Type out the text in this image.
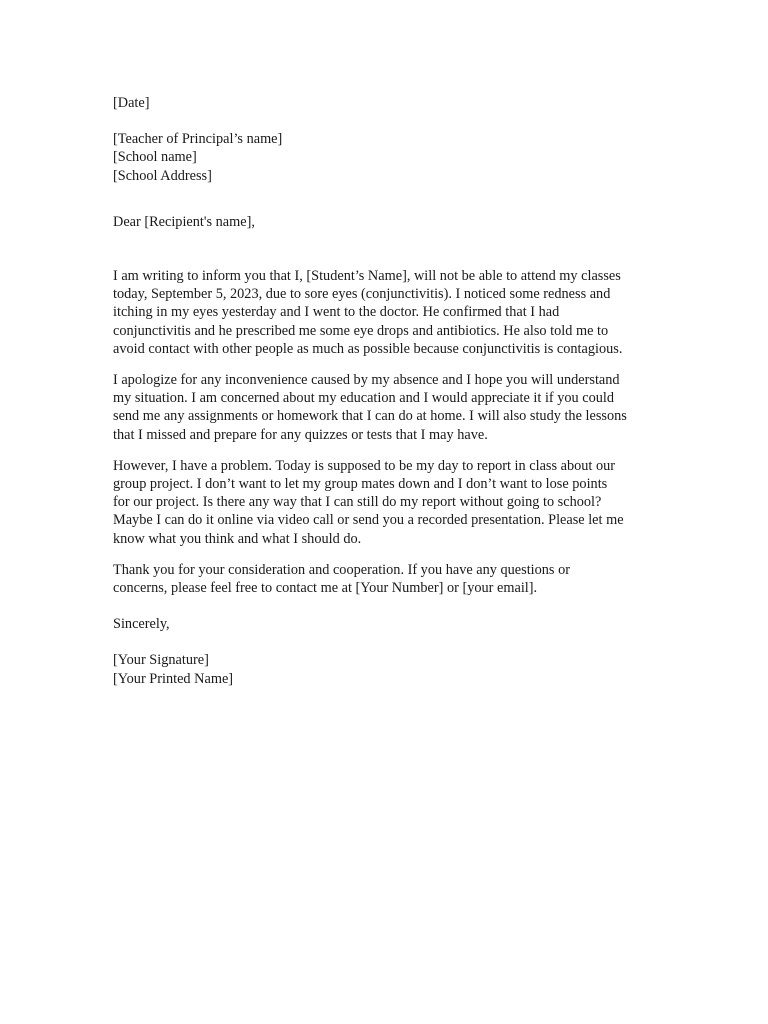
[Date]
[Teacher of Principal’s name]
[School name]
[School Address]
Dear [Recipient's name],
I am writing to inform you that I, [Student’s Name], will not be able to attend my classes
today, September 5, 2023, due to sore eyes (conjunctivitis). I noticed some redness and
itching in my eyes yesterday and I went to the doctor. He confirmed that I had
conjunctivitis and he prescribed me some eye drops and antibiotics. He also told me to
avoid contact with other people as much as possible because conjunctivitis is contagious.
I apologize for any inconvenience caused by my absence and I hope you will understand
my situation. I am concerned about my education and I would appreciate it if you could
send me any assignments or homework that I can do at home. I will also study the lessons
that I missed and prepare for any quizzes or tests that I may have.
However, I have a problem. Today is supposed to be my day to report in class about our
group project. I don’t want to let my group mates down and I don’t want to lose points
for our project. Is there any way that I can still do my report without going to school?
Maybe I can do it online via video call or send you a recorded presentation. Please let me
know what you think and what I should do.
Thank you for your consideration and cooperation. If you have any questions or
concerns, please feel free to contact me at [Your Number] or [your email].
Sincerely,
[Your Signature]
[Your Printed Name]
